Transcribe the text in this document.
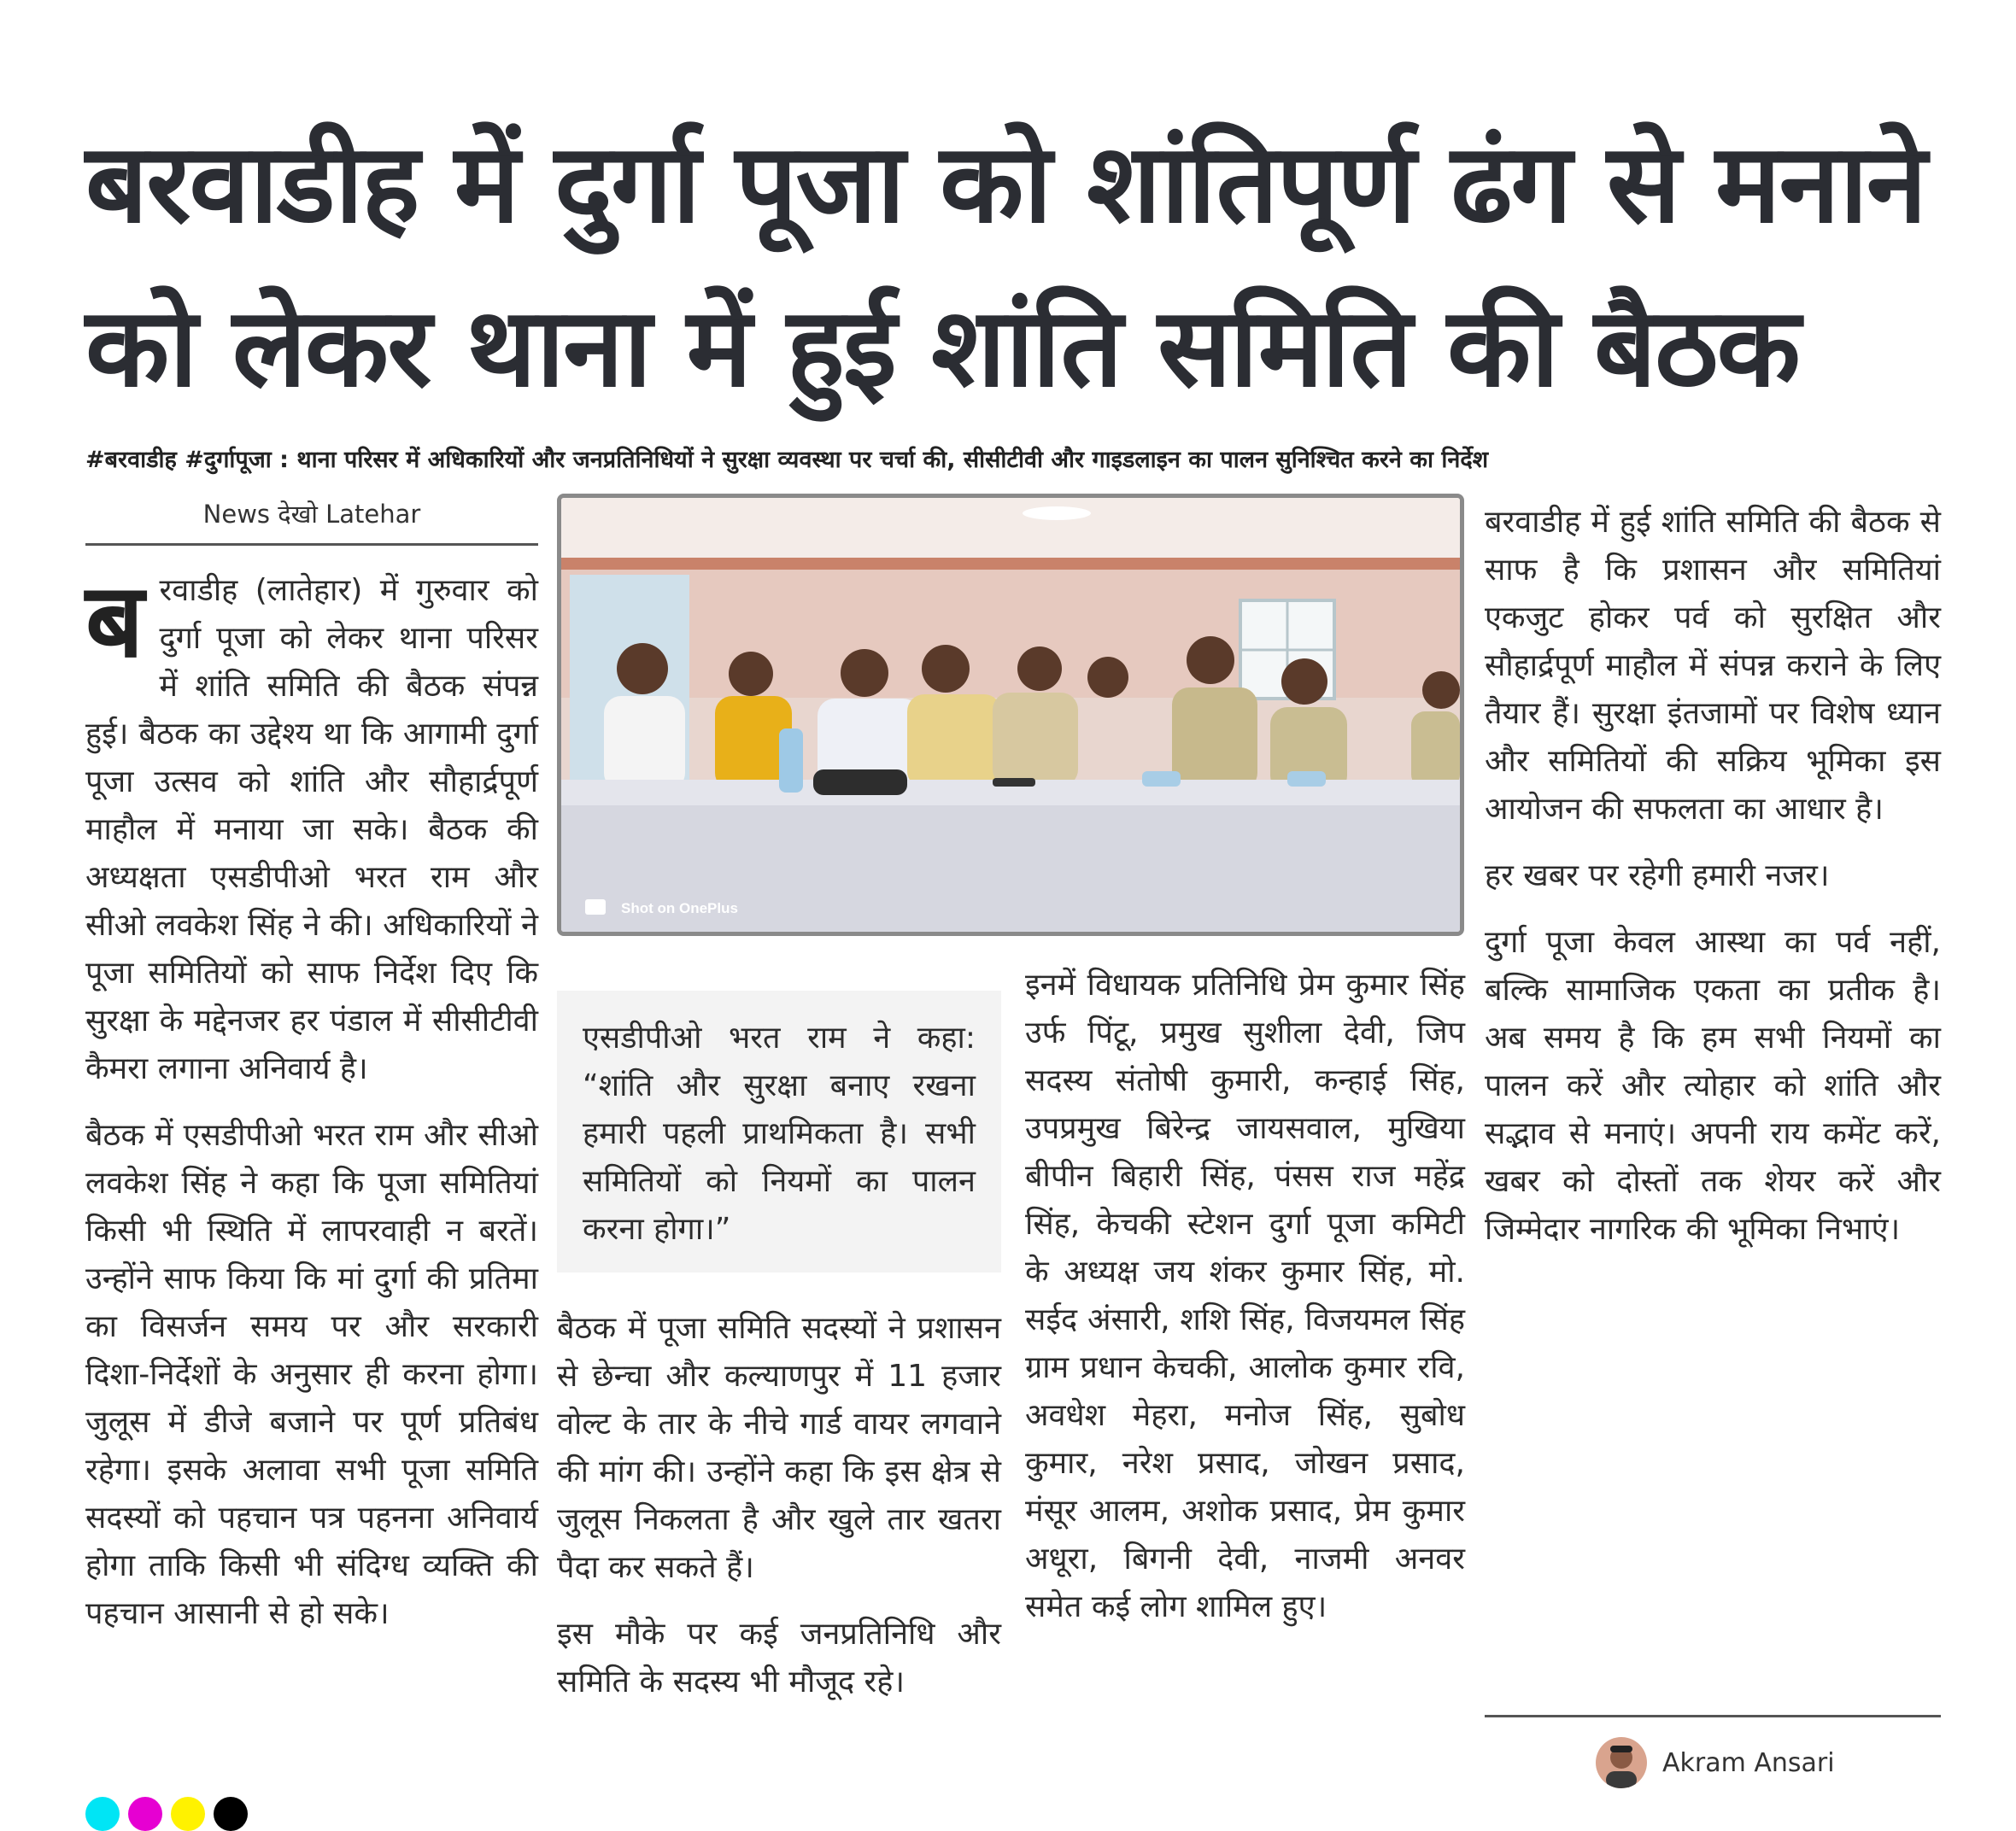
बरवाडीह में दुर्गा पूजा को शांतिपूर्ण ढंग से मनाने
को लेकर थाना में हुई शांति समिति की बैठक
#बरवाडीह #दुर्गापूजा : थाना परिसर में अधिकारियों और जनप्रतिनिधियों ने सुरक्षा व्यवस्था पर चर्चा की, सीसीटीवी और गाइडलाइन का पालन सुनिश्चित करने का निर्देश
News देखो Latehar

ब रवाडीह (लातेहार) में गुरुवार को दुर्गा पूजा को लेकर थाना परिसर में शांति समिति की बैठक संपन्न हुई। बैठक का उद्देश्य था कि आगामी दुर्गा पूजा उत्सव को शांति और सौहार्द्रपूर्ण माहौल में मनाया जा सके। बैठक की अध्यक्षता एसडीपीओ भरत राम और सीओ लवकेश सिंह ने की। अधिकारियों ने पूजा समितियों को साफ निर्देश दिए कि सुरक्षा के मद्देनजर हर पंडाल में सीसीटीवी कैमरा लगाना अनिवार्य है।

बैठक में एसडीपीओ भरत राम और सीओ लवकेश सिंह ने कहा कि पूजा समितियां किसी भी स्थिति में लापरवाही न बरतें। उन्होंने साफ किया कि मां दुर्गा की प्रतिमा का विसर्जन समय पर और सरकारी दिशा-निर्देशों के अनुसार ही करना होगा। जुलूस में डीजे बजाने पर पूर्ण प्रतिबंध रहेगा। इसके अलावा सभी पूजा समिति सदस्यों को पहचान पत्र पहनना अनिवार्य होगा ताकि किसी भी संदिग्ध व्यक्ति की पहचान आसानी से हो सके।

Shot on OnePlus
एसडीपीओ भरत राम ने कहा: “शांति और सुरक्षा बनाए रखना हमारी पहली प्राथमिकता है। सभी समितियों को नियमों का पालन करना होगा।”

बैठक में पूजा समिति सदस्यों ने प्रशासन से छेन्चा और कल्याणपुर में 11 हजार वोल्ट के तार के नीचे गार्ड वायर लगवाने की मांग की। उन्होंने कहा कि इस क्षेत्र से जुलूस निकलता है और खुले तार खतरा पैदा कर सकते हैं।

इस मौके पर कई जनप्रतिनिधि और समिति के सदस्य भी मौजूद रहे।

इनमें विधायक प्रतिनिधि प्रेम कुमार सिंह उर्फ पिंटू, प्रमुख सुशीला देवी, जिप सदस्य संतोषी कुमारी, कन्हाई सिंह, उपप्रमुख बिरेन्द्र जायसवाल, मुखिया बीपीन बिहारी सिंह, पंसस राज महेंद्र सिंह, केचकी स्टेशन दुर्गा पूजा कमिटी के अध्यक्ष जय शंकर कुमार सिंह, मो. सईद अंसारी, शशि सिंह, विजयमल सिंह ग्राम प्रधान केचकी, आलोक कुमार रवि, अवधेश मेहरा, मनोज सिंह, सुबोध कुमार, नरेश प्रसाद, जोखन प्रसाद, मंसूर आलम, अशोक प्रसाद, प्रेम कुमार अधूरा, बिगनी देवी, नाजमी अनवर समेत कई लोग शामिल हुए।

बरवाडीह में हुई शांति समिति की बैठक से साफ है कि प्रशासन और समितियां एकजुट होकर पर्व को सुरक्षित और सौहार्द्रपूर्ण माहौल में संपन्न कराने के लिए तैयार हैं। सुरक्षा इंतजामों पर विशेष ध्यान और समितियों की सक्रिय भूमिका इस आयोजन की सफलता का आधार है।

हर खबर पर रहेगी हमारी नजर।

दुर्गा पूजा केवल आस्था का पर्व नहीं, बल्कि सामाजिक एकता का प्रतीक है। अब समय है कि हम सभी नियमों का पालन करें और त्योहार को शांति और सद्भाव से मनाएं। अपनी राय कमेंट करें, खबर को दोस्तों तक शेयर करें और जिम्मेदार नागरिक की भूमिका निभाएं।

Akram Ansari
